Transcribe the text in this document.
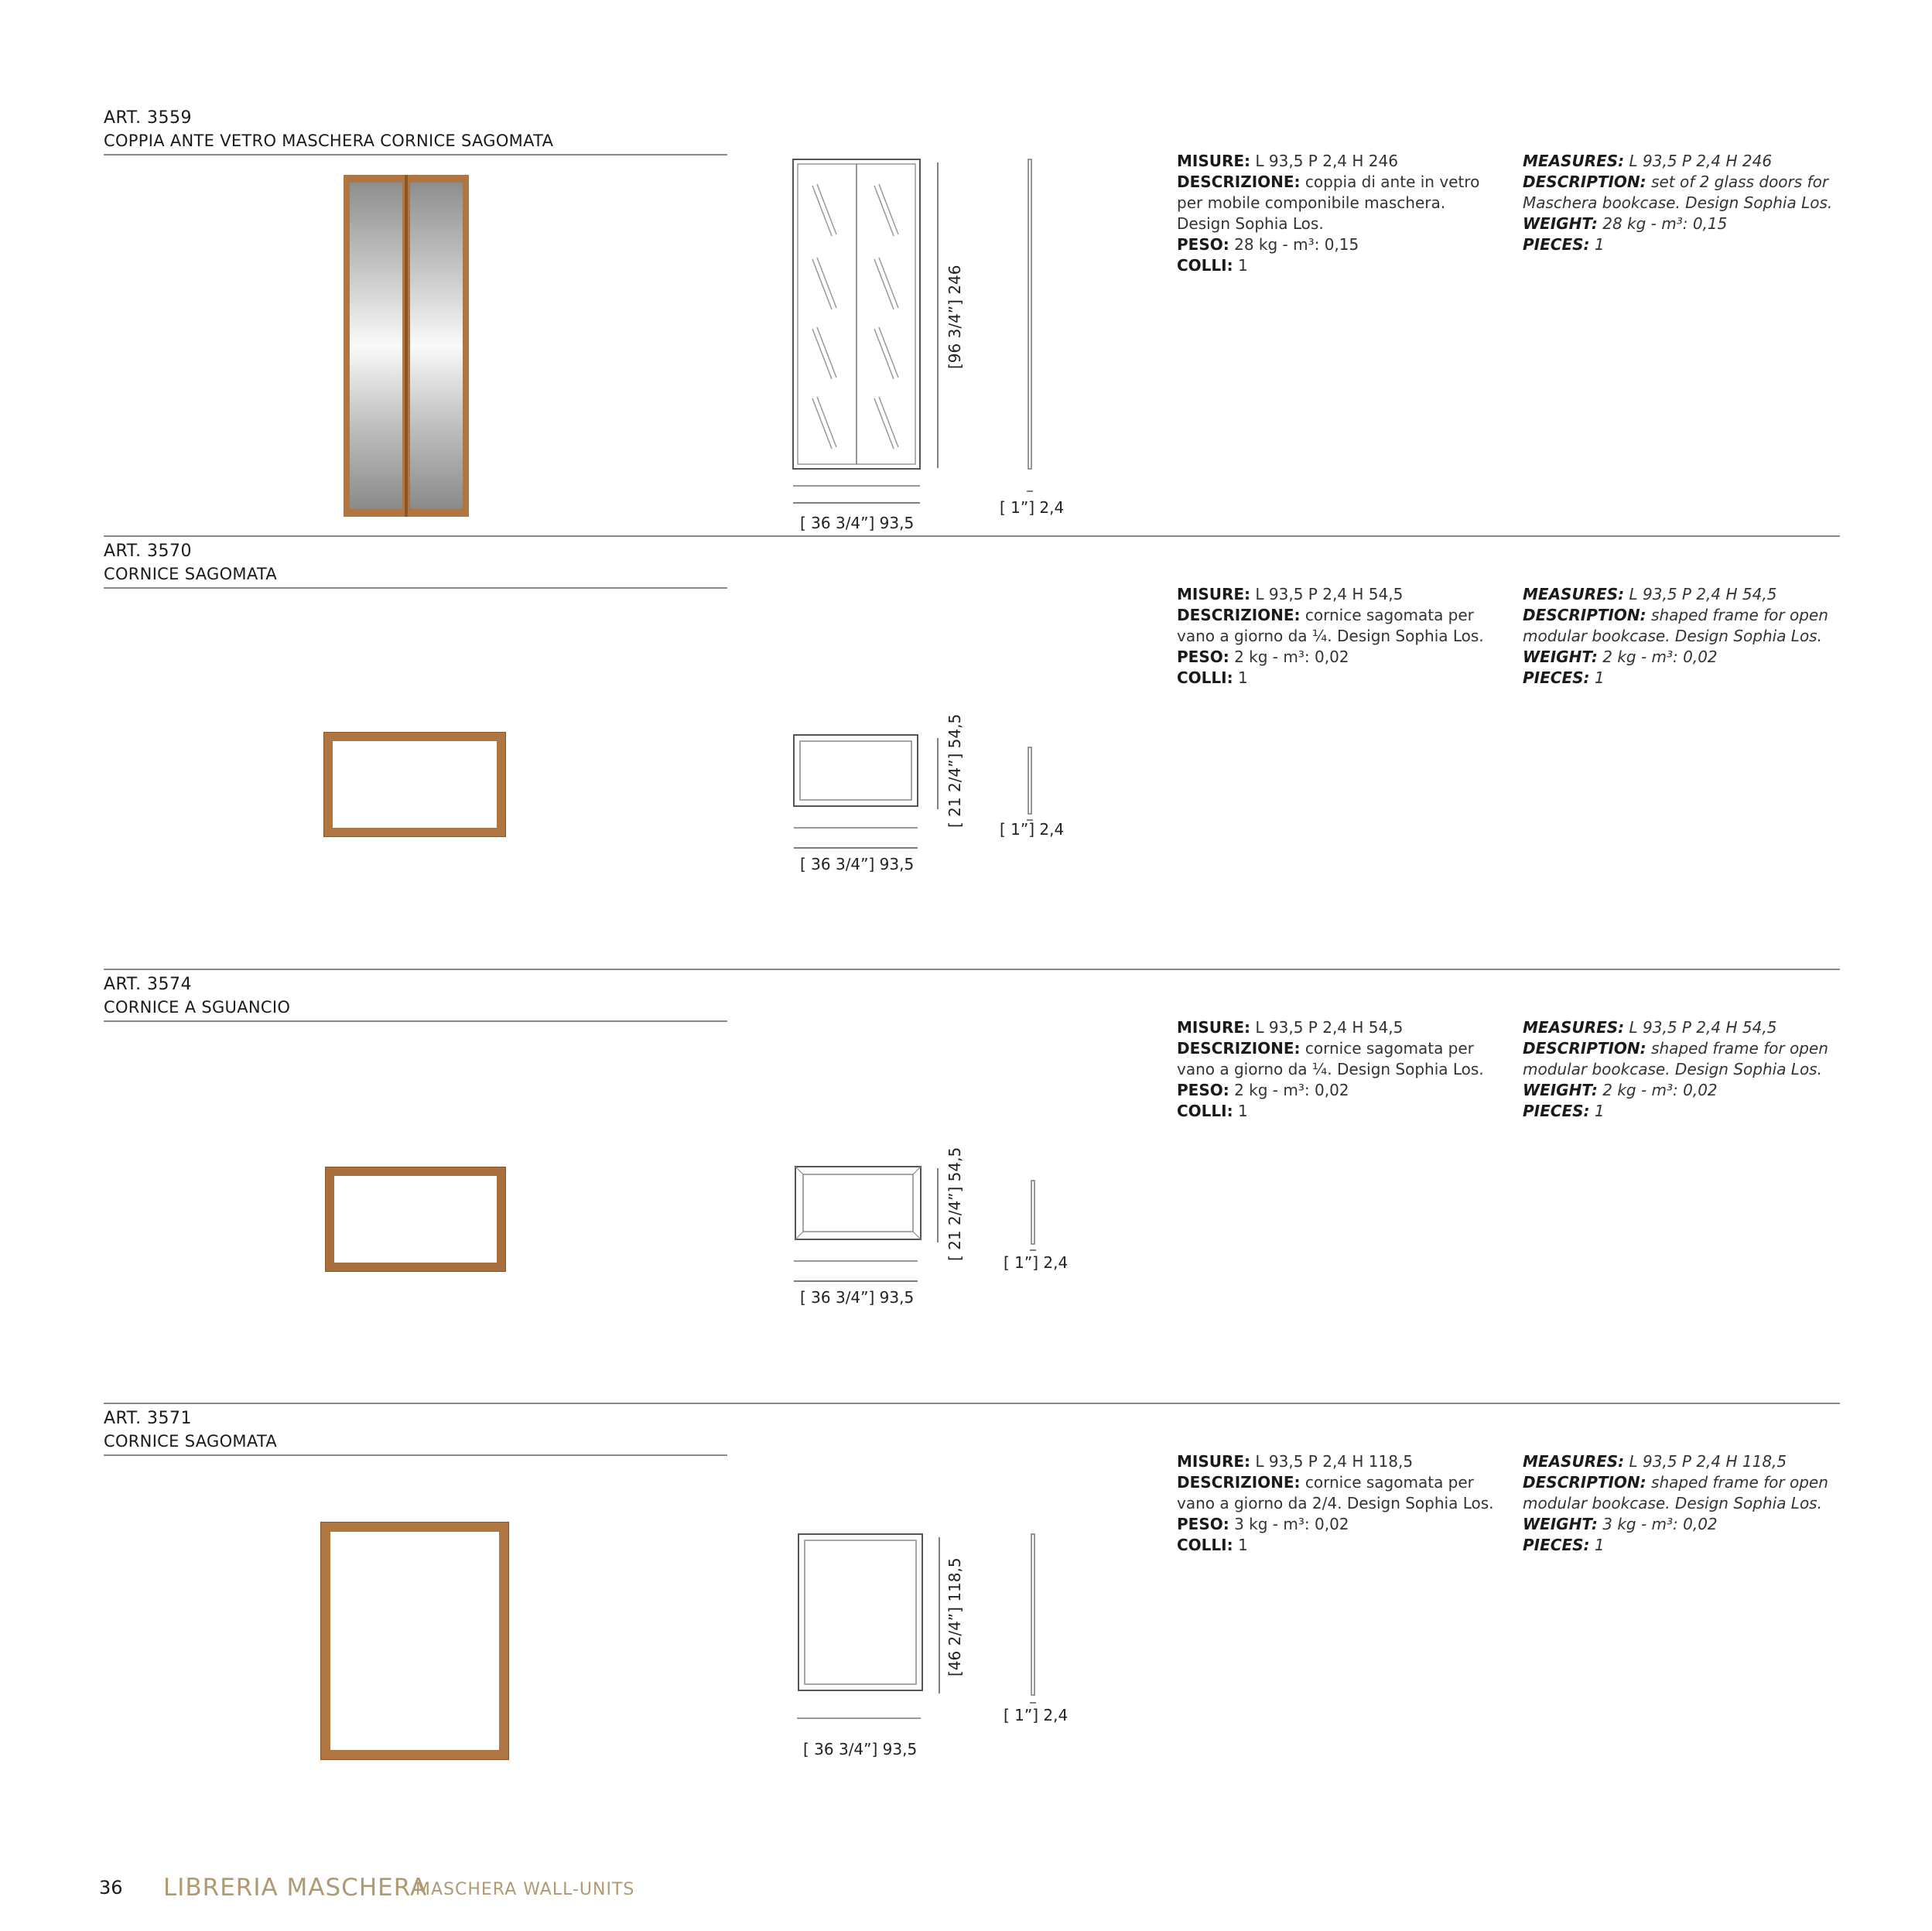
ART. 3559
COPPIA ANTE VETRO MASCHERA CORNICE SAGOMATA
[96 3/4”] 246
[ 36 3/4”] 93,5
[ 1”] 2,4

MISURE: L 93,5 P 2,4 H 246

DESCRIZIONE: coppia di ante in vetro per mobile componibile maschera. Design Sophia Los.

PESO: 28 kg - m³: 0,15

COLLI: 1

MEASURES: L 93,5 P 2,4 H 246

DESCRIPTION: set of 2 glass doors for Maschera bookcase. Design Sophia Los.

WEIGHT: 28 kg - m³: 0,15

PIECES: 1

ART. 3570
CORNICE SAGOMATA
[ 21 2/4”] 54,5
[ 36 3/4”] 93,5
[ 1”] 2,4

MISURE: L 93,5 P 2,4 H 54,5

DESCRIZIONE: cornice sagomata per vano a giorno da ¼. Design Sophia Los.

PESO: 2 kg - m³: 0,02

COLLI: 1

MEASURES: L 93,5 P 2,4 H 54,5

DESCRIPTION: shaped frame for open modular bookcase. Design Sophia Los.

WEIGHT: 2 kg - m³: 0,02

PIECES: 1

ART. 3574
CORNICE A SGUANCIO
[ 21 2/4”] 54,5
[ 36 3/4”] 93,5
[ 1”] 2,4

MISURE: L 93,5 P 2,4 H 54,5

DESCRIZIONE: cornice sagomata per vano a giorno da ¼. Design Sophia Los.

PESO: 2 kg - m³: 0,02

COLLI: 1

MEASURES: L 93,5 P 2,4 H 54,5

DESCRIPTION: shaped frame for open modular bookcase. Design Sophia Los.

WEIGHT: 2 kg - m³: 0,02

PIECES: 1

ART. 3571
CORNICE SAGOMATA
[46 2/4”] 118,5
[ 36 3/4”] 93,5
[ 1”] 2,4

MISURE: L 93,5 P 2,4 H 118,5

DESCRIZIONE: cornice sagomata per vano a giorno da 2/4. Design Sophia Los.

PESO: 3 kg - m³: 0,02

COLLI: 1

MEASURES: L 93,5 P 2,4 H 118,5

DESCRIPTION: shaped frame for open modular bookcase. Design Sophia Los.

WEIGHT: 3 kg - m³: 0,02

PIECES: 1

36 LIBRERIA MASCHERA
MASCHERA WALL-UNITS
